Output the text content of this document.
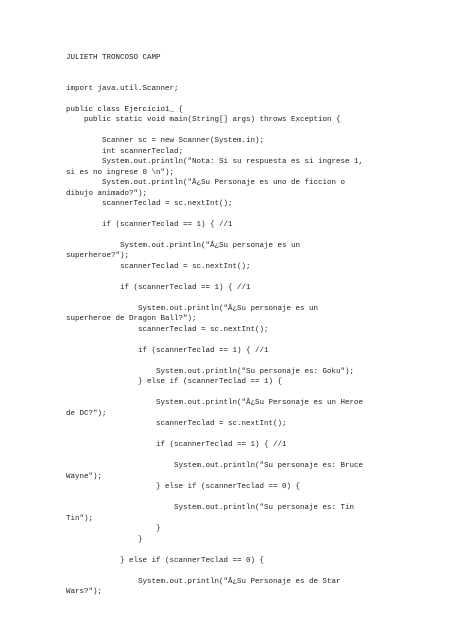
JULIETH TRONCOSO CAMP
import java.util.Scanner;
public class Ejercicio1_ {
public static void main(String[] args) throws Exception {
Scanner sc = new Scanner(System.in);
int scannerTeclad;
System.out.println("Nota: Si su respuesta es si ingrese 1,
si es no ingrese 0 \n");
System.out.println("Â¿Su Personaje es uno de ficcion o
dibujo animado?");
scannerTeclad = sc.nextInt();
if (scannerTeclad == 1) { //1
System.out.println("Â¿Su personaje es un
superheroe?");
scannerTeclad = sc.nextInt();
if (scannerTeclad == 1) { //1
System.out.println("Â¿Su personaje es un
superheroe de Dragon Ball?");
scannerTeclad = sc.nextInt();
if (scannerTeclad == 1) { //1
System.out.println("Su personaje es: Goku");
} else if (scannerTeclad == 1) {
System.out.println("Â¿Su Personaje es un Heroe
de DC?");
scannerTeclad = sc.nextInt();
if (scannerTeclad == 1) { //1
System.out.println("Su personaje es: Bruce
Wayne");
} else if (scannerTeclad == 0) {
System.out.println("Su personaje es: Tin
Tin");
}
}
} else if (scannerTeclad == 0) {
System.out.println("Â¿Su Personaje es de Star
Wars?");
